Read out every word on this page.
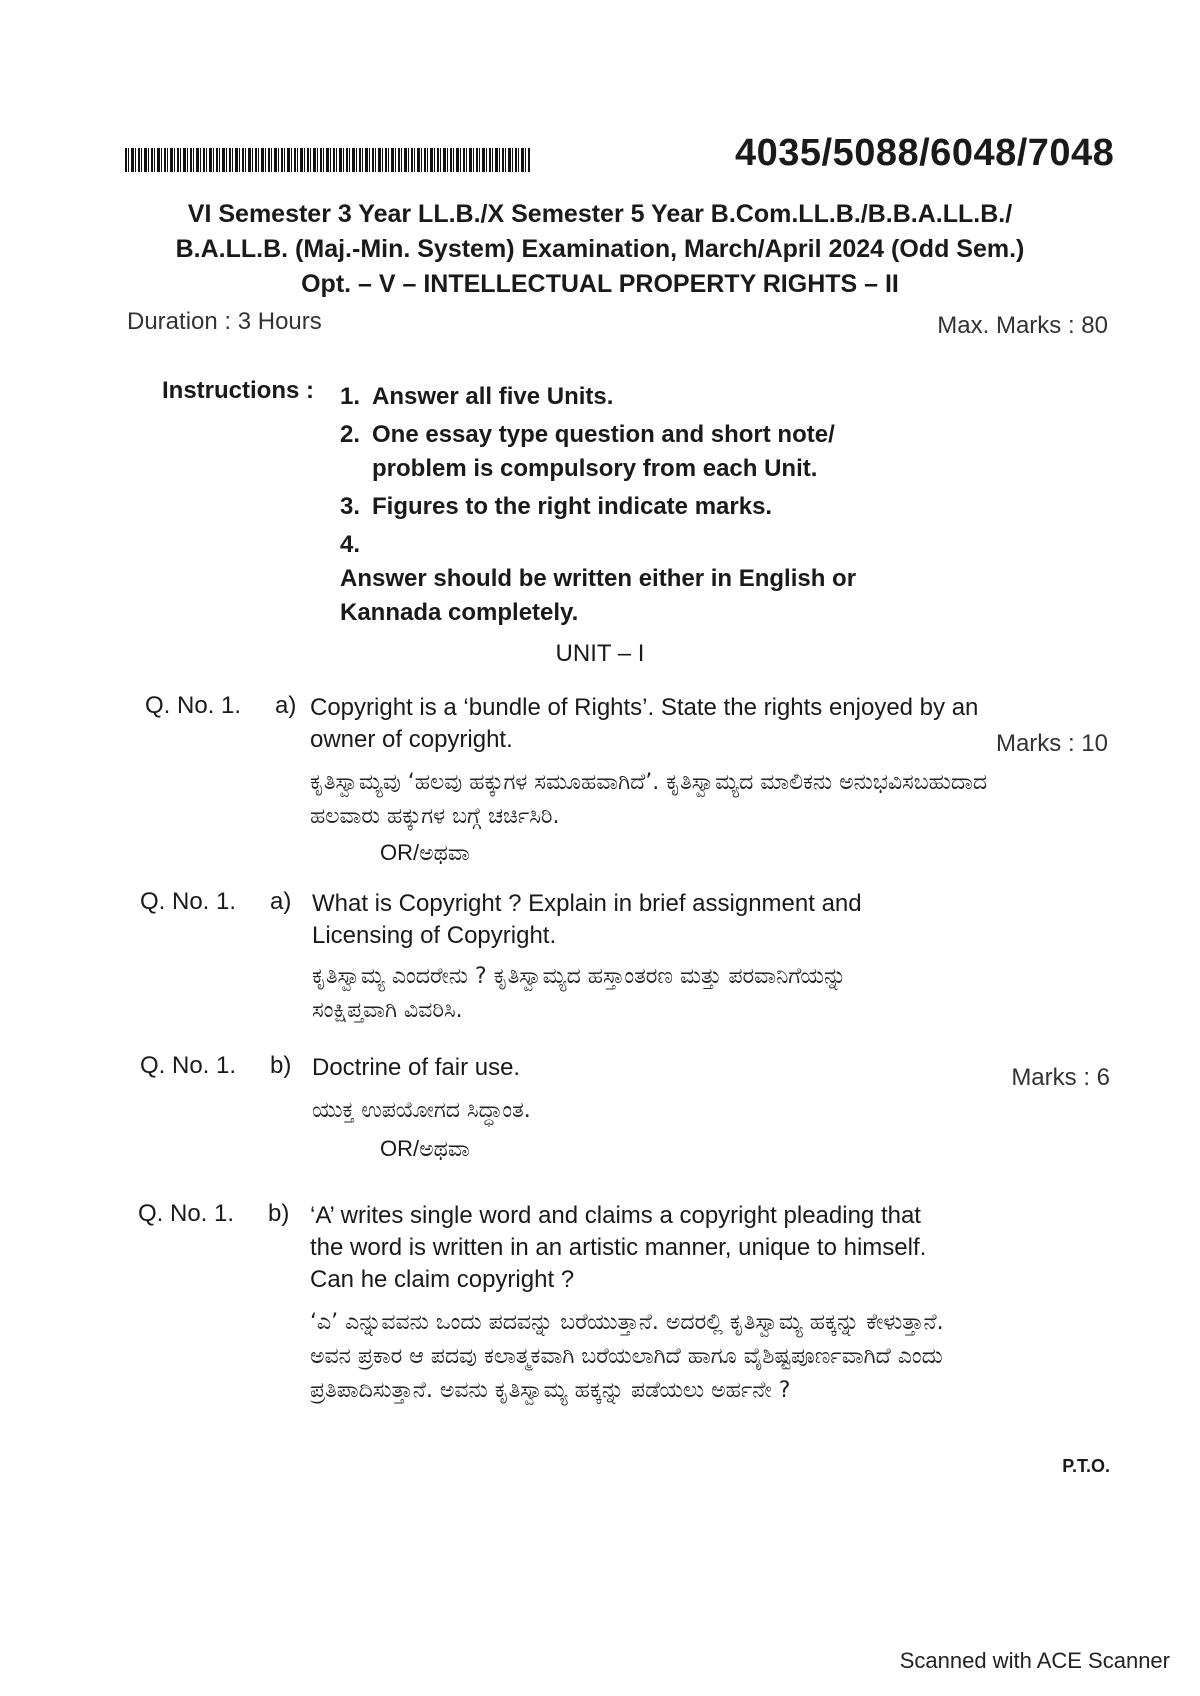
4035/5088/6048/7048
VI Semester 3 Year LL.B./X Semester 5 Year B.Com.LL.B./B.B.A.LL.B./
B.A.LL.B. (Maj.-Min. System) Examination, March/April 2024 (Odd Sem.)
Opt. – V – INTELLECTUAL PROPERTY RIGHTS – II
Duration : 3 Hours	Max. Marks : 80
Instructions : 1. Answer all five Units.
2. One essay type question and short note/ problem is compulsory from each Unit.
3. Figures to the right indicate marks.
4.Answer should be written either in English or Kannada completely.
UNIT – I
Q. No. 1. a) Copyright is a ‘bundle of Rights’. State the rights enjoyed by an owner of copyright.	Marks : 10
ಕೃತಿಸ್ವಾಮ್ಯವು ‘ಹಲವು ಹಕ್ಕುಗಳ ಸಮೂಹವಾಗಿದೆ’. ಕೃತಿಸ್ವಾಮ್ಯದ ಮಾಲಿಕನು ಅನುಭವಿಸಬಹುದಾದ ಹಲವಾರು ಹಕ್ಕುಗಳ ಬಗ್ಗೆ ಚರ್ಚಿಸಿರಿ.
OR/ಅಥವಾ
Q. No. 1. a) What is Copyright ? Explain in brief assignment and Licensing of Copyright.
ಕೃತಿಸ್ವಾಮ್ಯ ಎಂದರೇನು ? ಕೃತಿಸ್ವಾಮ್ಯದ ಹಸ್ತಾಂತರಣ ಮತ್ತು ಪರವಾನಿಗೆಯನ್ನು ಸಂಕ್ಷಿಪ್ತವಾಗಿ ವಿವರಿಸಿ.
Q. No. 1. b) Doctrine of fair use.	Marks : 6
ಯುಕ್ತ ಉಪಯೋಗದ ಸಿದ್ಧಾಂತ.
OR/ಅಥವಾ
Q. No. 1. b) ‘A’ writes single word and claims a copyright pleading that the word is written in an artistic manner, unique to himself. Can he claim copyright ?
‘ಎ’ ಎನ್ನುವವನು ಒಂದು ಪದವನ್ನು ಬರೆಯುತ್ತಾನೆ. ಅದರಲ್ಲಿ ಕೃತಿಸ್ವಾಮ್ಯ ಹಕ್ಕನ್ನು ಕೇಳುತ್ತಾನೆ. ಅವನ ಪ್ರಕಾರ ಆ ಪದವು ಕಲಾತ್ಮಕವಾಗಿ ಬರೆಯಲಾಗಿದೆ ಹಾಗೂ ವೈಶಿಷ್ಟಪೂರ್ಣವಾಗಿದೆ ಎಂದು ಪ್ರತಿಪಾದಿಸುತ್ತಾನೆ. ಅವನು ಕೃತಿಸ್ವಾಮ್ಯ ಹಕ್ಕನ್ನು ಪಡೆಯಲು ಅರ್ಹನೇ ?
P.T.O.
Scanned with ACE Scanner
